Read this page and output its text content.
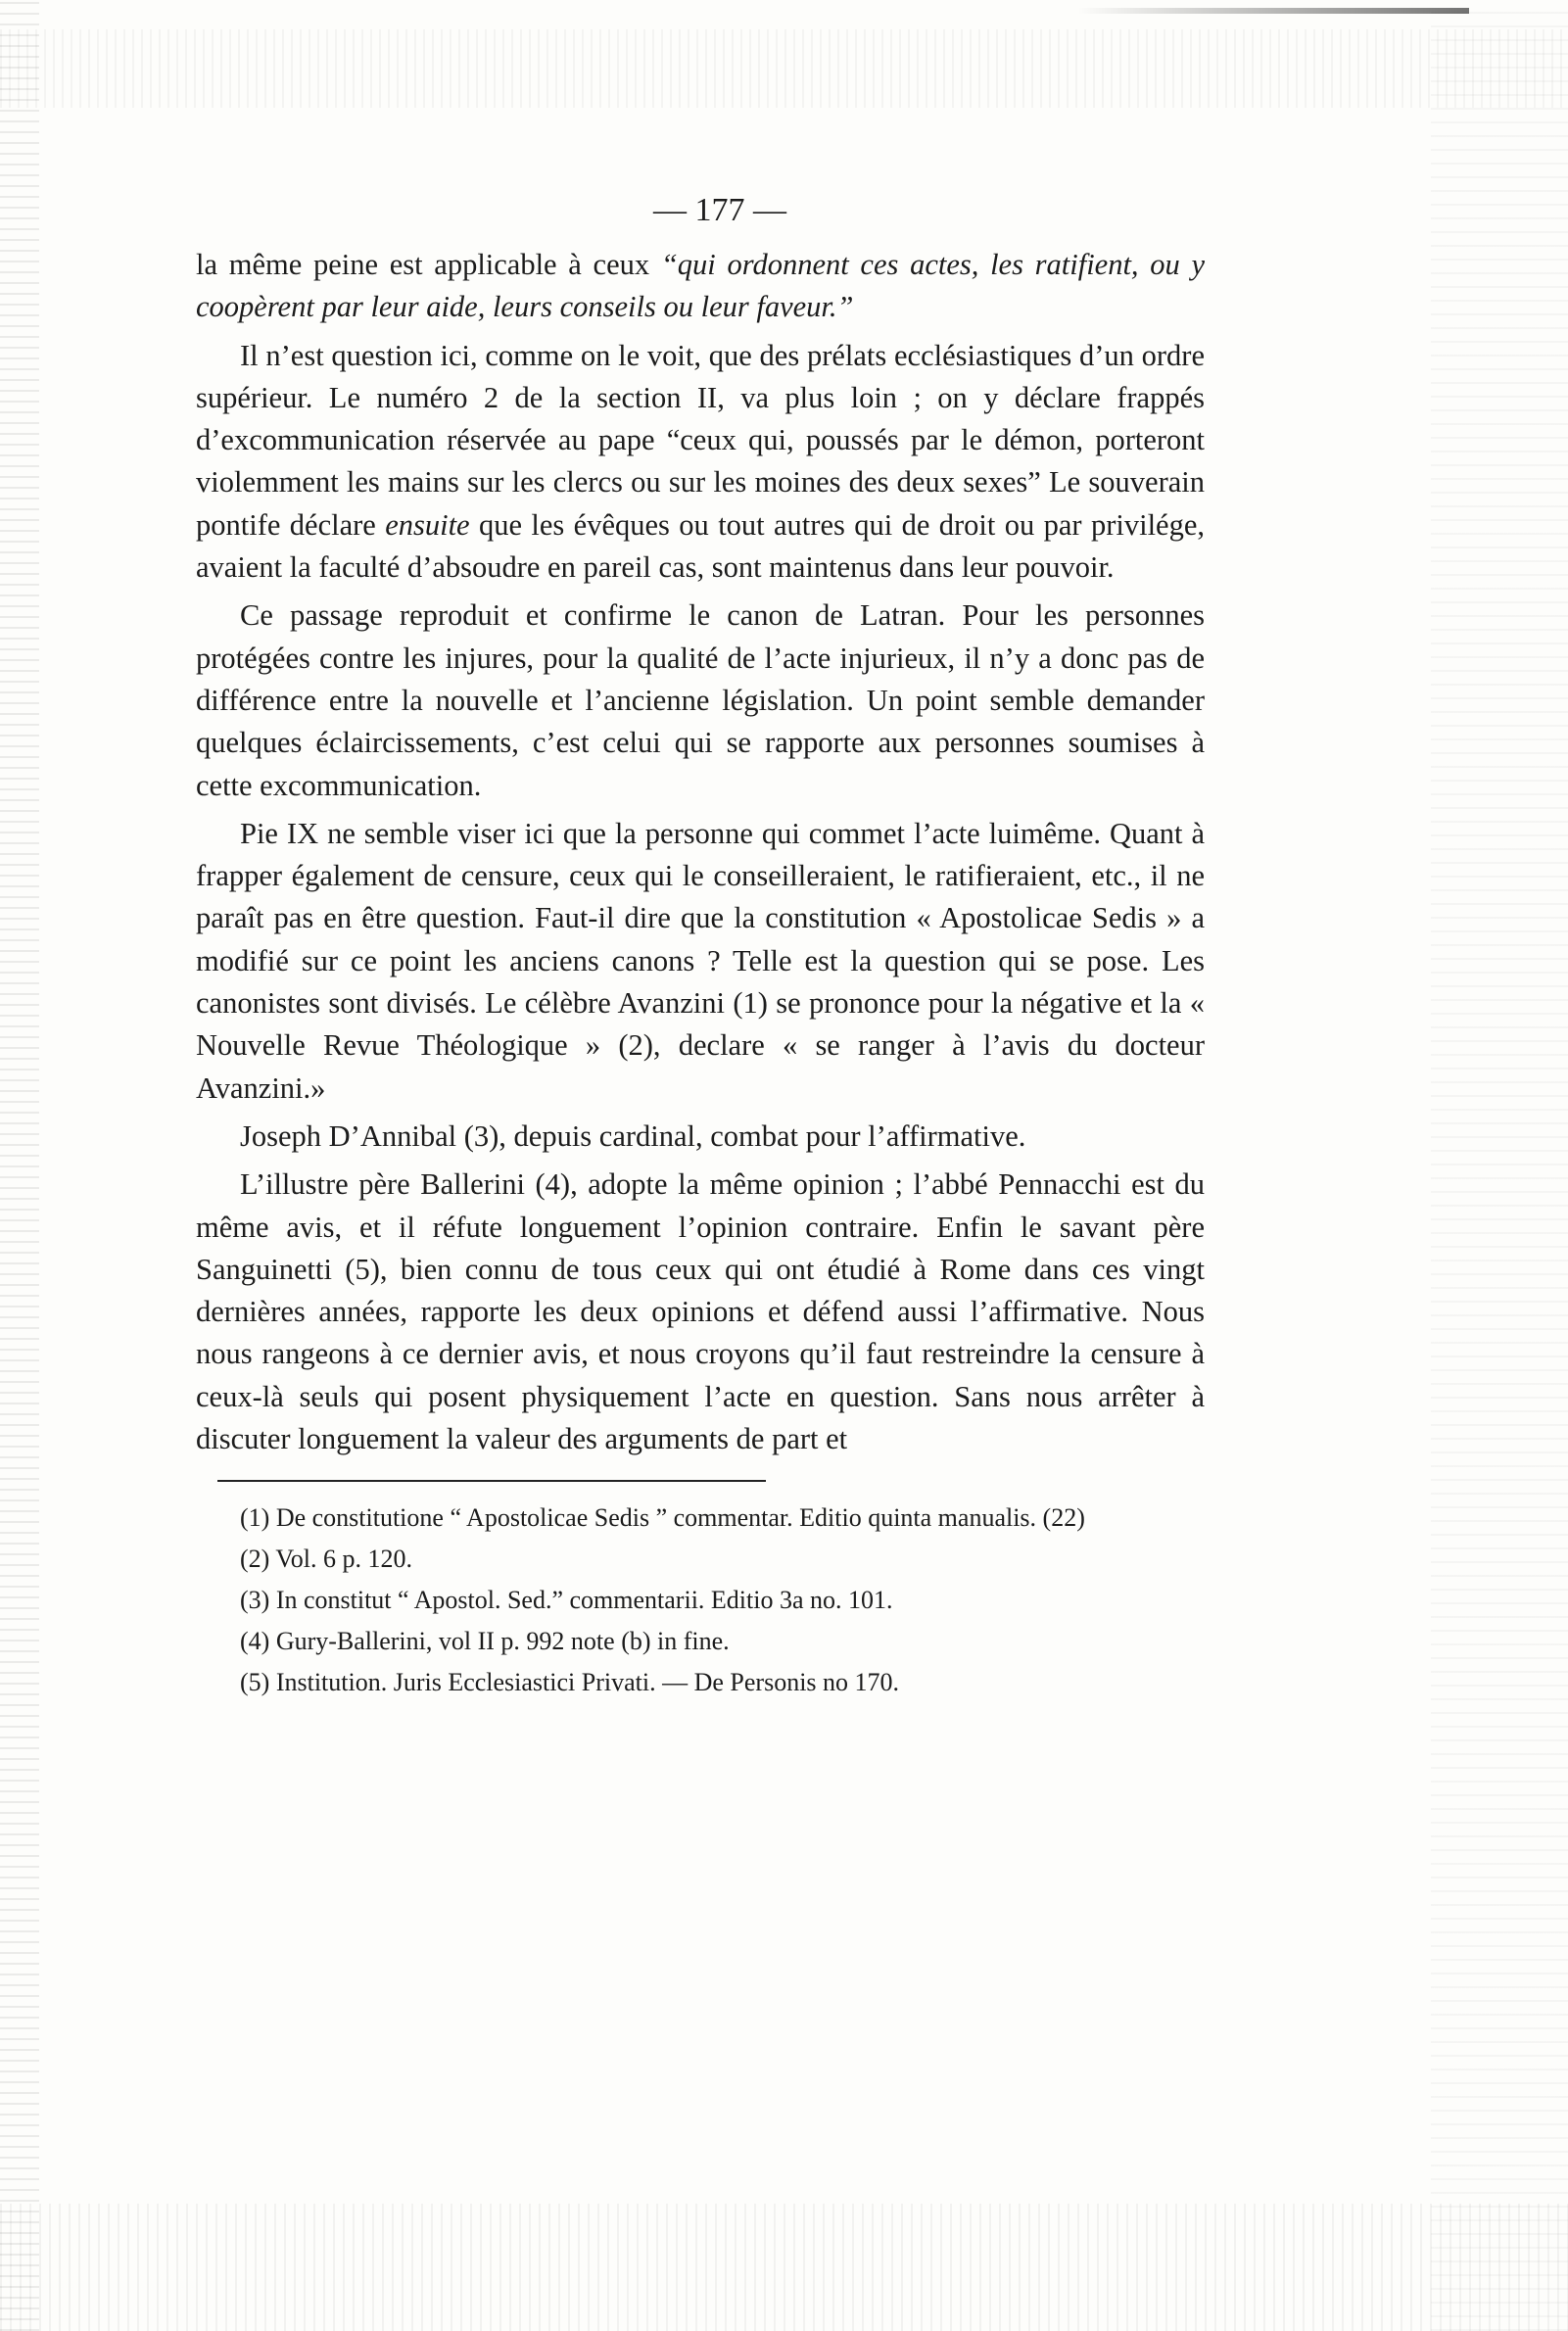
— 177 —

la même peine est applicable à ceux “qui ordonnent ces actes, les ratifient, ou y coopèrent par leur aide, leurs conseils ou leur faveur.”

Il n’est question ici, comme on le voit, que des prélats ecclésiastiques d’un ordre supérieur. Le numéro 2 de la section II, va plus loin ; on y déclare frappés d’excommunication réservée au pape “ceux qui, poussés par le démon, porteront violemment les mains sur les clercs ou sur les moines des deux sexes” Le souverain pontife déclare ensuite que les évêques ou tout autres qui de droit ou par privilége, avaient la faculté d’absoudre en pareil cas, sont maintenus dans leur pouvoir.

Ce passage reproduit et confirme le canon de Latran. Pour les personnes protégées contre les injures, pour la qualité de l’acte injurieux, il n’y a donc pas de différence entre la nouvelle et l’ancienne législation. Un point semble demander quelques éclaircissements, c’est celui qui se rapporte aux personnes soumises à cette excommunication.

Pie IX ne semble viser ici que la personne qui commet l’acte luimême. Quant à frapper également de censure, ceux qui le conseilleraient, le ratifieraient, etc., il ne paraît pas en être question. Faut-il dire que la constitution « Apostolicae Sedis » a modifié sur ce point les anciens canons ? Telle est la question qui se pose. Les canonistes sont divisés. Le célèbre Avanzini (1) se prononce pour la négative et la « Nouvelle Revue Théologique » (2), declare « se ranger à l’avis du docteur Avanzini.»

Joseph D’Annibal (3), depuis cardinal, combat pour l’affirmative.

L’illustre père Ballerini (4), adopte la même opinion ; l’abbé Pennacchi est du même avis, et il réfute longuement l’opinion contraire. Enfin le savant père Sanguinetti (5), bien connu de tous ceux qui ont étudié à Rome dans ces vingt dernières années, rapporte les deux opinions et défend aussi l’affirmative. Nous nous rangeons à ce dernier avis, et nous croyons qu’il faut restreindre la censure à ceux-là seuls qui posent physiquement l’acte en question. Sans nous arrêter à discuter longuement la valeur des arguments de part et

(1) De constitutione “ Apostolicae Sedis ” commentar. Editio quinta manualis. (22)

(2) Vol. 6 p. 120.

(3) In constitut “ Apostol. Sed.” commentarii. Editio 3a no. 101.

(4) Gury-Ballerini, vol II p. 992 note (b) in fine.

(5) Institution. Juris Ecclesiastici Privati. — De Personis no 170.
